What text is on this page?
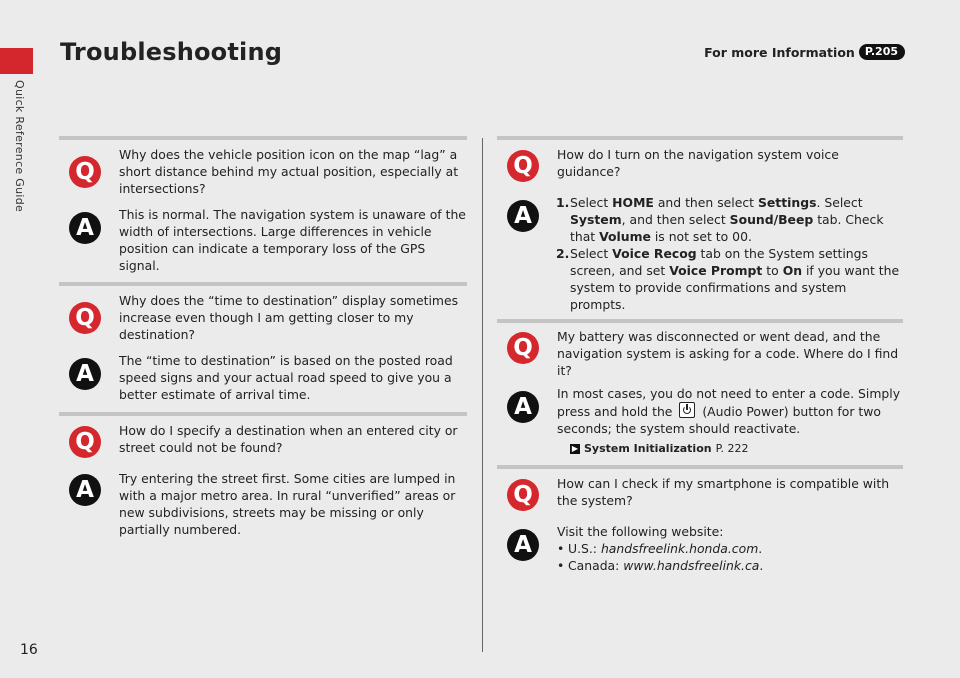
Quick Reference Guide
Troubleshooting	For more Information P.205
Q
Why does the vehicle position icon on the map “lag” a short distance behind my actual position, especially at intersections?
A	This is normal. The navigation system is unaware of the width of intersections. Large differences in vehicle position can indicate a temporary loss of the GPS signal.
Q
Why does the “time to destination” display sometimes increase even though I am getting closer to my destination?
A	The “time to destination” is based on the posted road speed signs and your actual road speed to give you a better estimate of arrival time.
Q	How do I specify a destination when an entered city or street could not be found?
A	Try entering the street first. Some cities are lumped in with a major metro area. In rural “unverified” areas or new subdivisions, streets may be missing or only partially numbered.
Q	How do I turn on the navigation system voice guidance?
A	1. Select HOME and then select Settings. Select System, and then select Sound/Beep tab. Check that Volume is not set to 00.
2. Select Voice Recog tab on the System settings screen, and set Voice Prompt to On if you want the system to provide confirmations and system prompts.
Q	My battery was disconnected or went dead, and the navigation system is asking for a code. Where do I find it?
A	In most cases, you do not need to enter a code. Simply press and hold the (Audio Power) button for two seconds; the system should reactivate.
▶ System Initialization P. 222
Q	How can I check if my smartphone is compatible with the system?
A	Visit the following website:
• U.S.: handsfreelink.honda.com.
• Canada: www.handsfreelink.ca.
16
